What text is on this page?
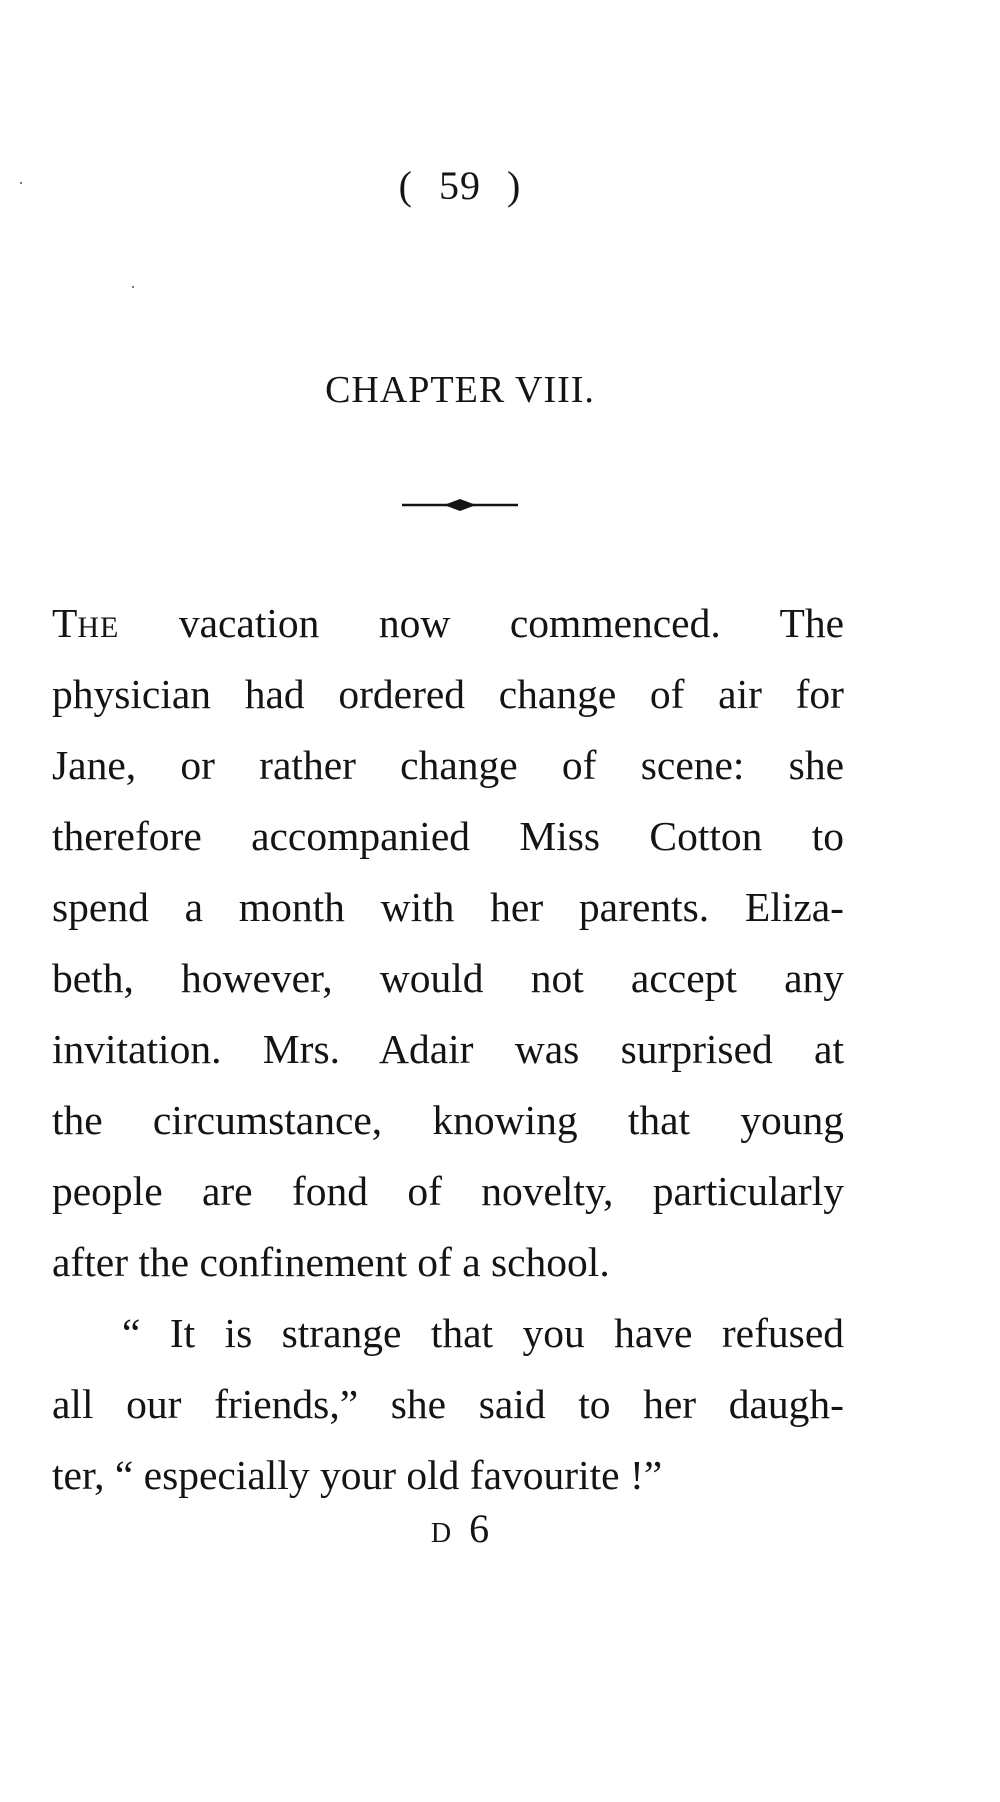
( 59 )
CHAPTER VIII.
THE vacation now commenced. The
physician had ordered change of air for
Jane, or rather change of scene: she
therefore accompanied Miss Cotton to
spend a month with her parents. Eliza-
beth, however, would not accept any
invitation. Mrs. Adair was surprised at
the circumstance, knowing that young
people are fond of novelty, particularly
after the confinement of a school.
“ It is strange that you have refused
all our friends,” she said to her daugh-
ter, “ especially your old favourite !”
D 6
